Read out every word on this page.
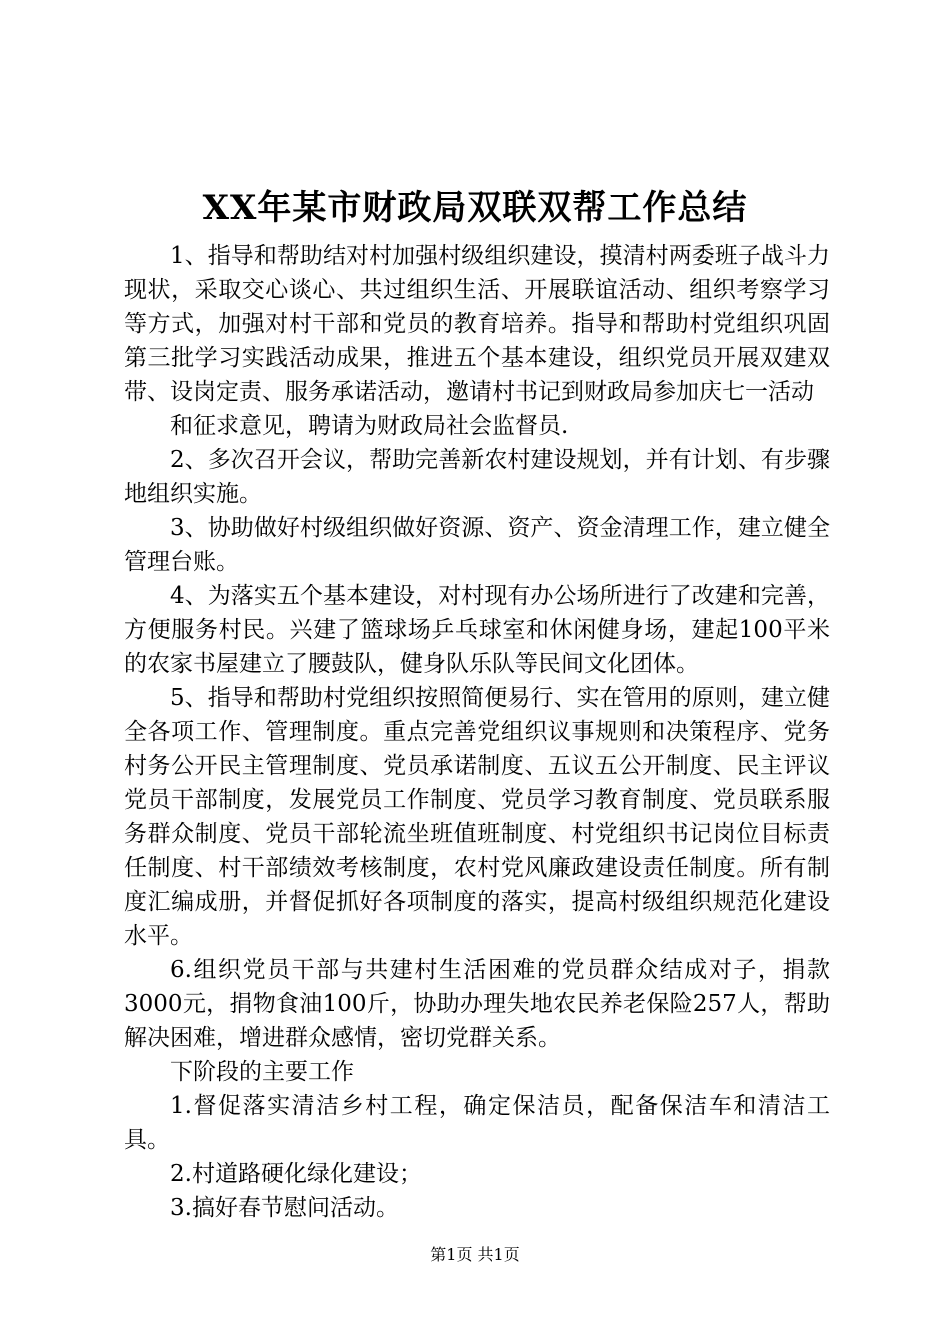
XX年某市财政局双联双帮工作总结

1、指导和帮助结对村加强村级组织建设，摸清村两委班子战斗力现状，采取交心谈心、共过组织生活、开展联谊活动、组织考察学习等方式，加强对村干部和党员的教育培养。指导和帮助村党组织巩固第三批学习实践活动成果，推进五个基本建设，组织党员开展双建双带、设岗定责、服务承诺活动，邀请村书记到财政局参加庆七一活动

和征求意见，聘请为财政局社会监督员.

2、多次召开会议，帮助完善新农村建设规划，并有计划、有步骤地组织实施。

3、协助做好村级组织做好资源、资产、资金清理工作，建立健全管理台账。

4、为落实五个基本建设，对村现有办公场所进行了改建和完善，方便服务村民。兴建了篮球场乒乓球室和休闲健身场，建起100平米的农家书屋建立了腰鼓队，健身队乐队等民间文化团体。

5、指导和帮助村党组织按照简便易行、实在管用的原则，建立健全各项工作、管理制度。重点完善党组织议事规则和决策程序、党务村务公开民主管理制度、党员承诺制度、五议五公开制度、民主评议党员干部制度，发展党员工作制度、党员学习教育制度、党员联系服务群众制度、党员干部轮流坐班值班制度、村党组织书记岗位目标责任制度、村干部绩效考核制度，农村党风廉政建设责任制度。所有制度汇编成册，并督促抓好各项制度的落实，提高村级组织规范化建设水平。

6.组织党员干部与共建村生活困难的党员群众结成对子，捐款3000元，捐物食油100斤，协助办理失地农民养老保险257人，帮助解决困难，增进群众感情，密切党群关系。

下阶段的主要工作

1.督促落实清洁乡村工程，确定保洁员，配备保洁车和清洁工具。

2.村道路硬化绿化建设；

3.搞好春节慰问活动。

第1页 共1页
